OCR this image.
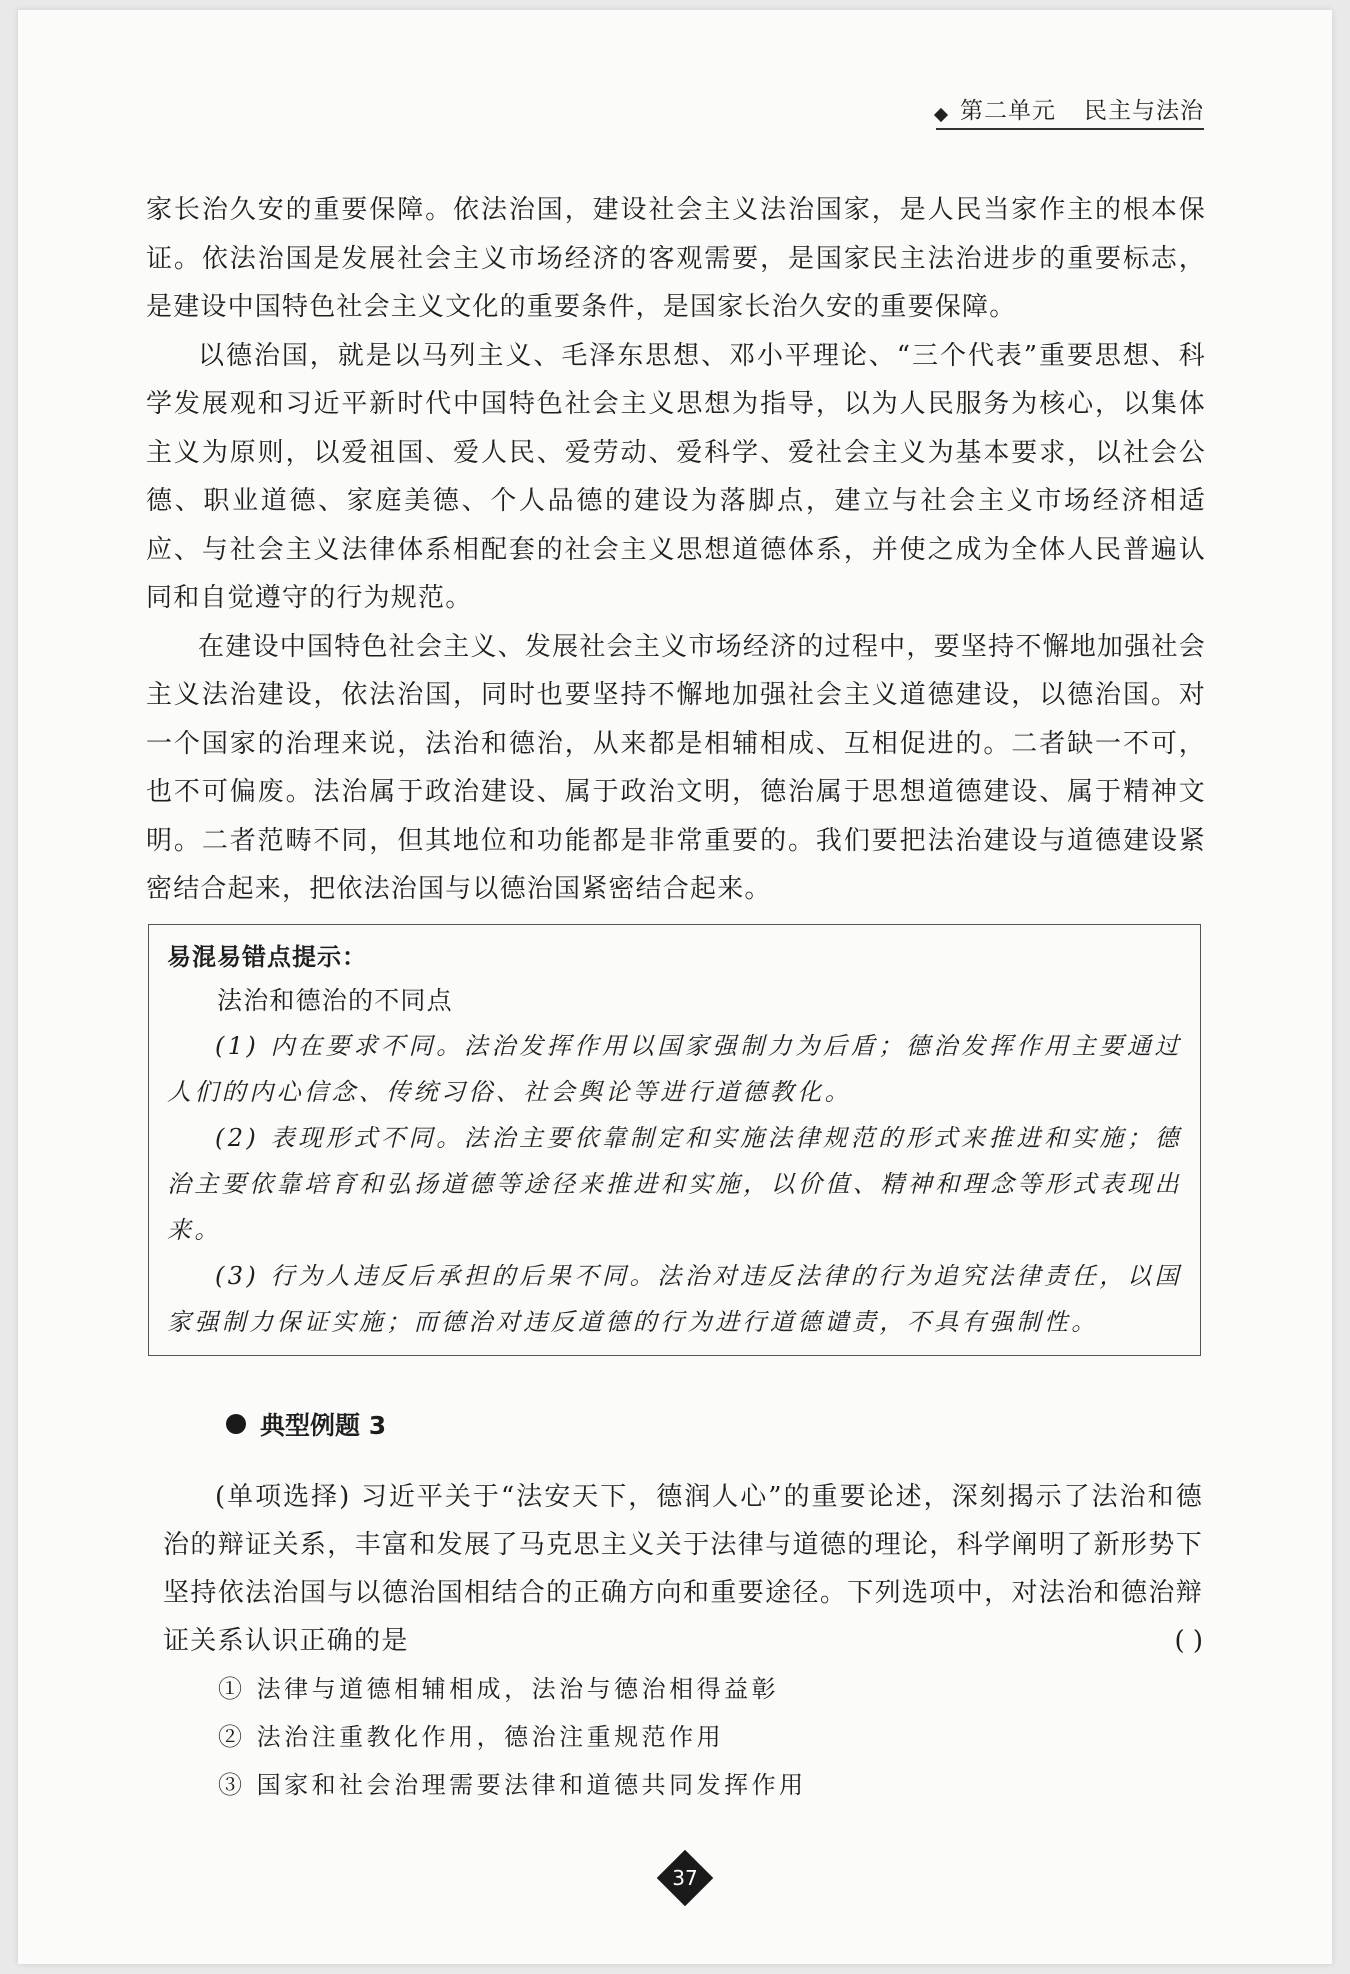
第二单元 民主与法治

家长治久安的重要保障。依法治国，建设社会主义法治国家，是人民当家作主的根本保证。依法治国是发展社会主义市场经济的客观需要，是国家民主法治进步的重要标志，是建设中国特色社会主义文化的重要条件，是国家长治久安的重要保障。

以德治国，就是以马列主义、毛泽东思想、邓小平理论、“三个代表”重要思想、科学发展观和习近平新时代中国特色社会主义思想为指导，以为人民服务为核心，以集体主义为原则，以爱祖国、爱人民、爱劳动、爱科学、爱社会主义为基本要求，以社会公德、职业道德、家庭美德、个人品德的建设为落脚点，建立与社会主义市场经济相适应、与社会主义法律体系相配套的社会主义思想道德体系，并使之成为全体人民普遍认同和自觉遵守的行为规范。

在建设中国特色社会主义、发展社会主义市场经济的过程中，要坚持不懈地加强社会主义法治建设，依法治国，同时也要坚持不懈地加强社会主义道德建设，以德治国。对一个国家的治理来说，法治和德治，从来都是相辅相成、互相促进的。二者缺一不可，也不可偏废。法治属于政治建设、属于政治文明，德治属于思想道德建设、属于精神文明。二者范畴不同，但其地位和功能都是非常重要的。我们要把法治建设与道德建设紧密结合起来，把依法治国与以德治国紧密结合起来。

易混易错点提示：
法治和德治的不同点

(1) 内在要求不同。法治发挥作用以国家强制力为后盾；德治发挥作用主要通过人们的内心信念、传统习俗、社会舆论等进行道德教化。

(2) 表现形式不同。法治主要依靠制定和实施法律规范的形式来推进和实施；德治主要依靠培育和弘扬道德等途径来推进和实施，以价值、精神和理念等形式表现出来。

(3) 行为人违反后承担的后果不同。法治对违反法律的行为追究法律责任，以国家强制力保证实施；而德治对违反道德的行为进行道德谴责，不具有强制性。

典型例题 3

(单项选择) 习近平关于“法安天下，德润人心”的重要论述，深刻揭示了法治和德治的辩证关系，丰富和发展了马克思主义关于法律与道德的理论，科学阐明了新形势下坚持依法治国与以德治国相结合的正确方向和重要途径。下列选项中，对法治和德治辩证关系认识正确的是	( )

① 法律与道德相辅相成，法治与德治相得益彰
② 法治注重教化作用，德治注重规范作用
③ 国家和社会治理需要法律和道德共同发挥作用
37
